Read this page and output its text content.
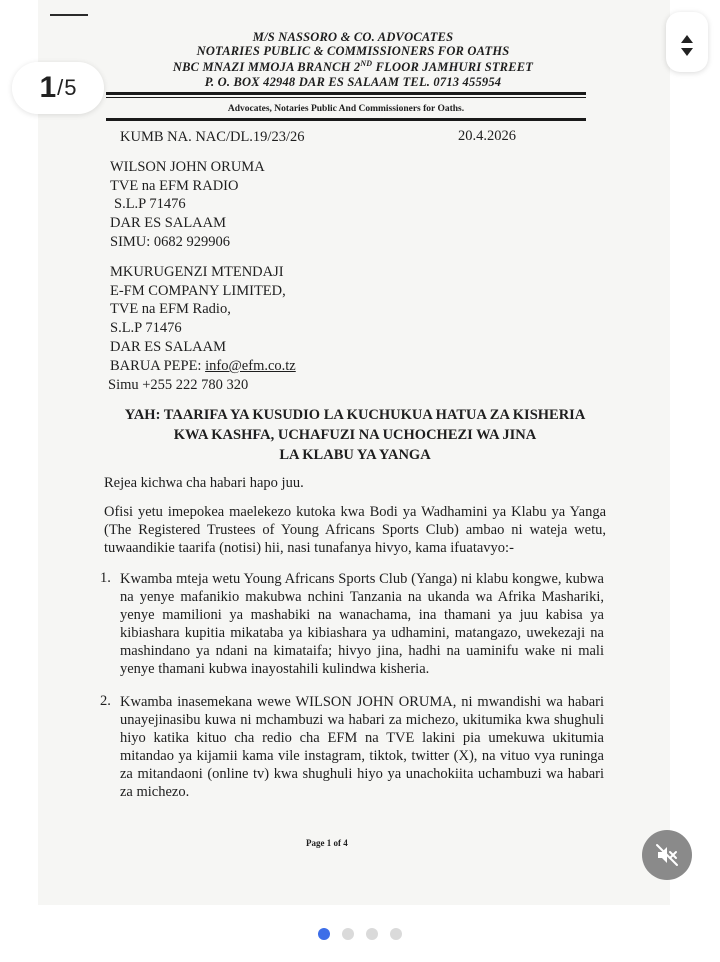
M/S NASSORO & CO. ADVOCATES
NOTARIES PUBLIC & COMMISSIONERS FOR OATHS
NBC MNAZI MMOJA BRANCH 2ND FLOOR JAMHURI STREET
P. O. BOX 42948 DAR ES SALAAM TEL. 0713 455954
Advocates, Notaries Public And Commissioners for Oaths.
KUMB NA. NAC/DL.19/23/26	20.4.2026
WILSON JOHN ORUMA
TVE na EFM RADIO
S.L.P 71476
DAR ES SALAAM
SIMU: 0682 929906
MKURUGENZI MTENDAJI
E-FM COMPANY LIMITED,
TVE na EFM Radio,
S.L.P 71476
DAR ES SALAAM
BARUA PEPE: info@efm.co.tz
Simu +255 222 780 320
YAH: TAARIFA YA KUSUDIO LA KUCHUKUA HATUA ZA KISHERIA
KWA KASHFA, UCHAFUZI NA UCHOCHEZI WA JINA
LA KLABU YA YANGA
Rejea kichwa cha habari hapo juu.
Ofisi yetu imepokea maelekezo kutoka kwa Bodi ya Wadhamini ya Klabu ya Yanga (The Registered Trustees of Young Africans Sports Club) ambao ni wateja wetu, tuwaandikie taarifa (notisi) hii, nasi tunafanya hivyo, kama ifuatavyo:-
1. Kwamba mteja wetu Young Africans Sports Club (Yanga) ni klabu kongwe, kubwa na yenye mafanikio makubwa nchini Tanzania na ukanda wa Afrika Mashariki, yenye mamilioni ya mashabiki na wanachama, ina thamani ya juu kabisa ya kibiashara kupitia mikataba ya kibiashara ya udhamini, matangazo, uwekezaji na mashindano ya ndani na kimataifa; hivyo jina, hadhi na uaminifu wake ni mali yenye thamani kubwa inayostahili kulindwa kisheria.
2. Kwamba inasemekana wewe WILSON JOHN ORUMA, ni mwandishi wa habari unayejinasibu kuwa ni mchambuzi wa habari za michezo, ukitumika kwa shughuli hiyo katika kituo cha redio cha EFM na TVE lakini pia umekuwa ukitumia mitandao ya kijamii kama vile instagram, tiktok, twitter (X), na vituo vya runinga za mitandaoni (online tv) kwa shughuli hiyo ya unachokiita uchambuzi wa habari za michezo.
Page 1 of 4
1 / 5
